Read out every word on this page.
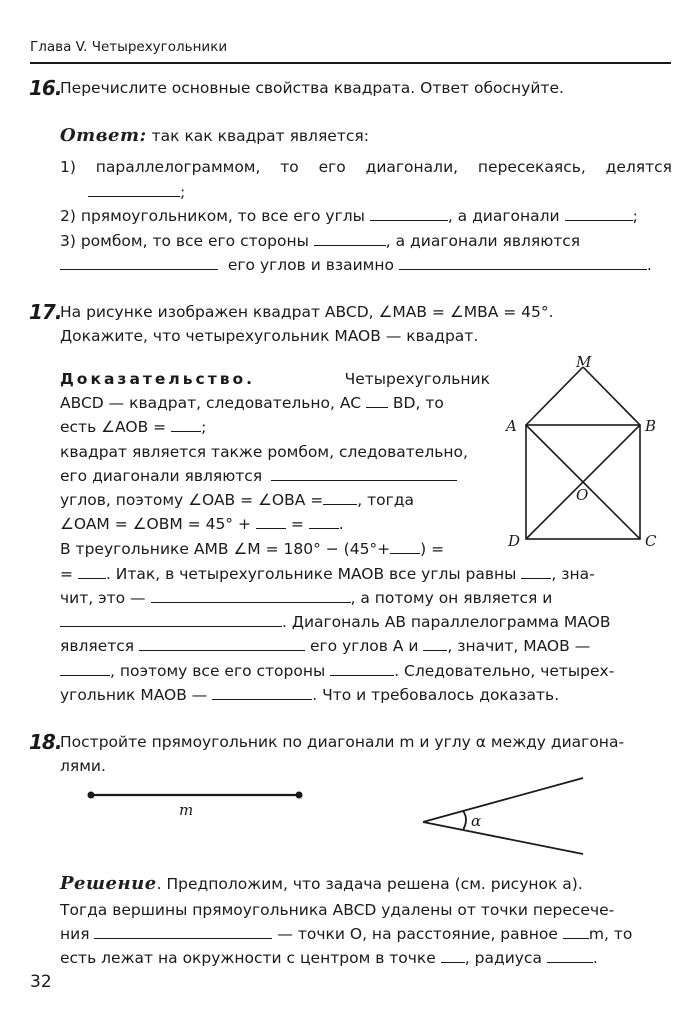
Глава V. Четырехугольники
16.
Перечислите основные свойства квадрата. Ответ обоснуйте.
Ответ: так как квадрат является:
1) параллелограммом, то его диагонали, пересекаясь, делятся
;
2) прямоугольником, то все его углы	, а диагонали	;
3) ромбом, то все его стороны	, а диагонали являются
его углов и взаимно	.
17.
На рисунке изображен квадрат ABCD, ∠MAB = ∠MBA = 45°.
Докажите, что четырехугольник MAOB — квадрат.
Доказательство.	Четырехугольник
ABCD — квадрат, следовательно, AC BD, то
есть ∠AOB = ;
квадрат является также ромбом, следовательно,
его диагонали являются
углов, поэтому ∠OAB = ∠OBA = , тогда
∠OAM = ∠OBM = 45° +	= .
В треугольнике AMB ∠M = 180° − (45°+ ) =
= . Итак, в четырехугольнике MAOB все углы равны , зна-
чит, это —	, а потому он является и
. Диагональ AB параллелограмма MAOB
является	его углов A и , значит, MAOB —
, поэтому все его стороны	. Следовательно, четырех-
угольник MAOB —	. Что и требовалось доказать.
M
A	B
O
D	C
18.
Постройте прямоугольник по диагонали m и углу α между диагона-
лями.
m
α
Решение. Предположим, что задача решена (см. рисунок а).
Тогда вершины прямоугольника ABCD удалены от точки пересече-
ния	— точки O, на расстояние, равное m, то
есть лежат на окружности с центром в точке , радиуса	.
32
